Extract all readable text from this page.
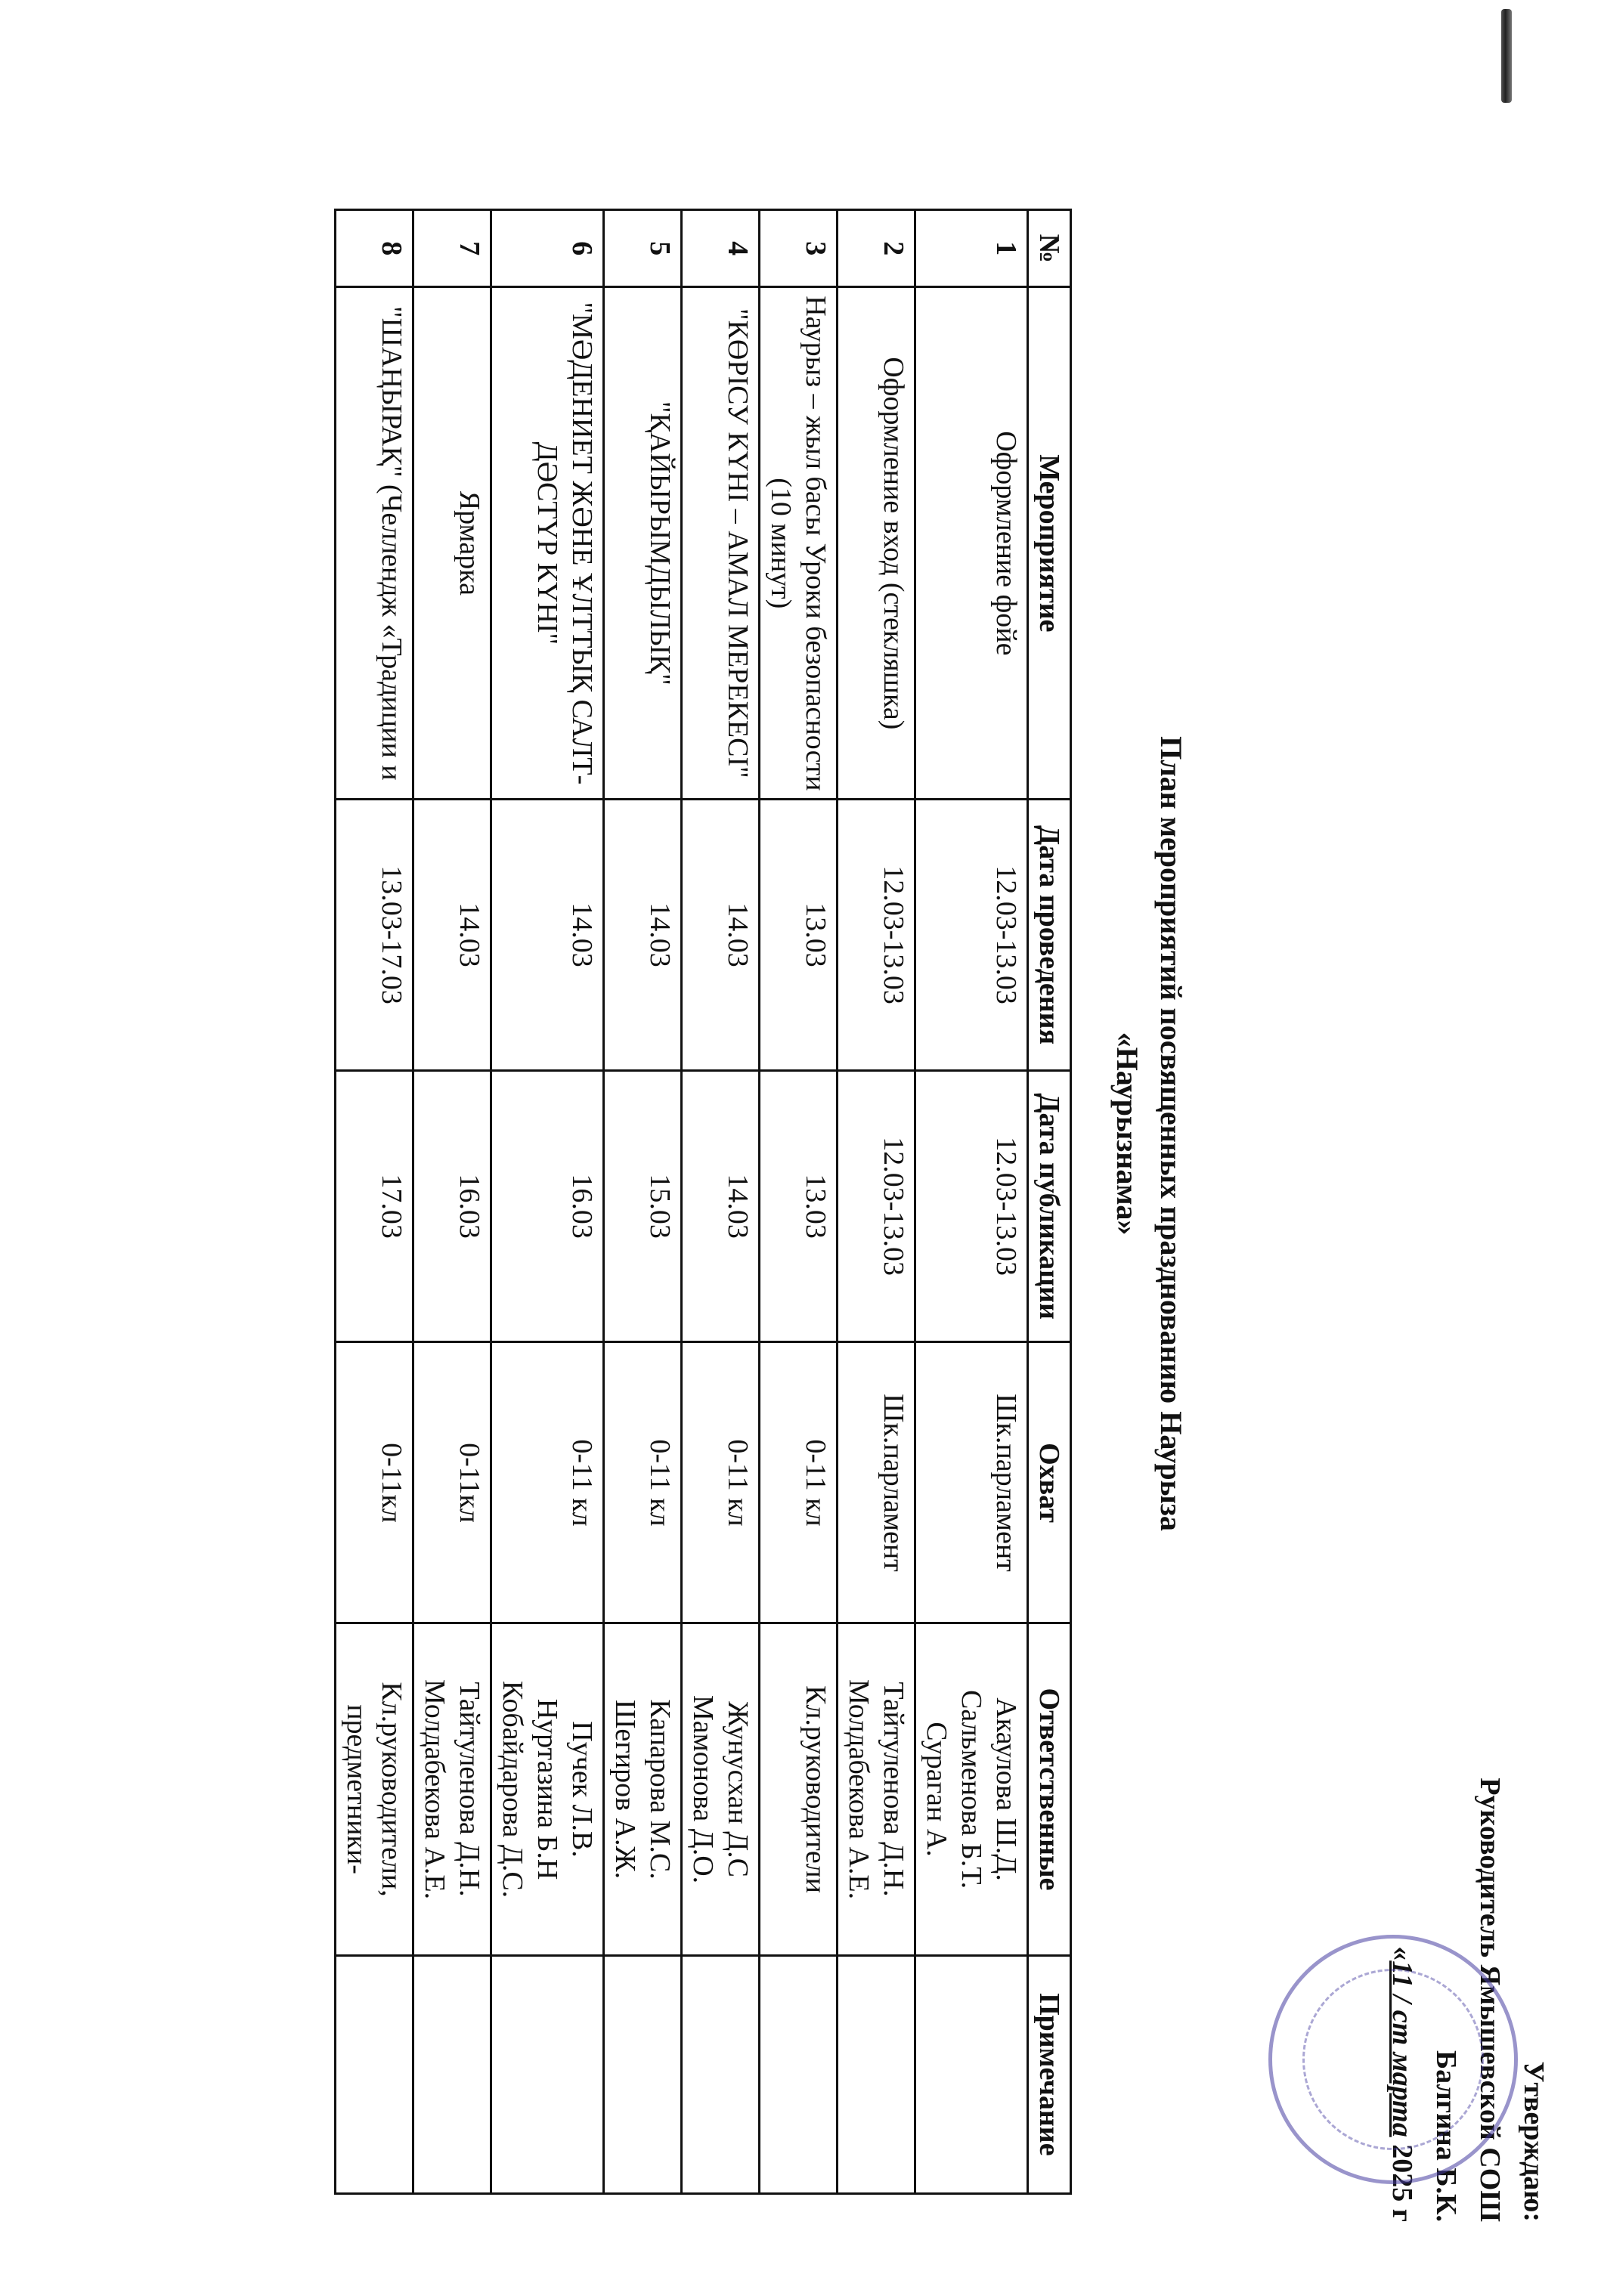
Утверждаю:
Руководитель Ямышевской СОШ
Балгина Б.К.
«11 / ст марта 2025 г
План мероприятий посвященных празднованию Наурыза
«Наурызнама»
№	Мероприятие	Дата проведения	Дата публикации	Охват	Ответственные	Примечание
1	Оформление фойе	12.03-13.03	12.03-13.03	Шк.парламент	Акаулова Ш.Д.
Сальменова Б.Т.
Сураган А.	

2	Оформление вход (стекляшка)	12.03-13.03	12.03-13.03	Шк.парламент	Тайтуленова Д.Н.
Молдабекова А.Е.	

3	Наурыз – жыл басы Уроки безопасности (10 минут)	13.03	13.03	0-11 кл	Кл.руководители	

4	"КӨРІСУ КҮНІ – АМАЛ МЕРЕКЕСІ"	14.03	14.03	0-11 кл	Жунусхан Д.С
Мамонова Д.О.	

5	"ҚАЙЫРЫМДЫЛЫҚ"	14.03	15.03	0-11 кл	Капарова М.С.
Шегиров А.Ж.	

6	"МӘДЕНИЕТ ЖӘНЕ ҰЛТТЫҚ САЛТ-ДӘСТҮР КҮНІ"	14.03	16.03	0-11 кл	Пучек Л.В.
Нуртазина Б.Н
Кобайдарова Д.С.	

7	Ярмарка	14.03	16.03	0-11кл	Тайтуленова Д.Н.
Молдабекова А.Е.	

8	"ШАҢЫРАҚ" (Челлендж «Традиции и	13.03-17.03	17.03	0-11кл	Кл.руководители,
предметники-	
